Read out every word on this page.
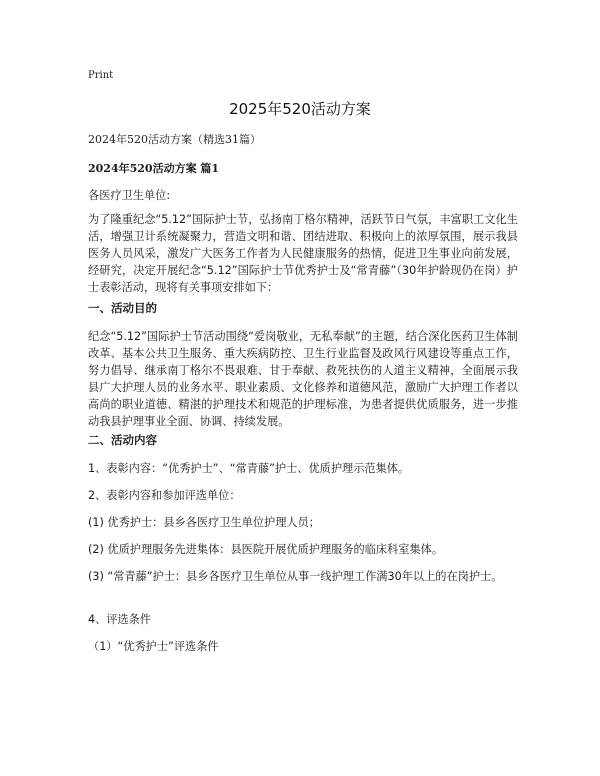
Print

2025年520活动方案

2024年520活动方案（精选31篇）

2024年520活动方案 篇1

各医疗卫生单位:

为了隆重纪念“5.12”国际护士节，弘扬南丁格尔精神，活跃节日气氛，丰富职工文化生活，增强卫计系统凝聚力，营造文明和谐、团结进取、积极向上的浓厚氛围，展示我县医务人员风采，激发广大医务工作者为人民健康服务的热情，促进卫生事业向前发展，经研究，决定开展纪念“5.12”国际护士节优秀护士及“常青藤”（30年护龄现仍在岗）护士表彰活动，现将有关事项安排如下：

一、活动目的

纪念“5.12”国际护士节活动围绕“爱岗敬业，无私奉献”的主题，结合深化医药卫生体制改革、基本公共卫生服务、重大疾病防控、卫生行业监督及政风行风建设等重点工作，努力倡导、继承南丁格尔不畏艰难、甘于奉献、救死扶伤的人道主义精神，全面展示我县广大护理人员的业务水平、职业素质、文化修养和道德风范，激励广大护理工作者以高尚的职业道德、精湛的护理技术和规范的护理标准，为患者提供优质服务，进一步推动我县护理事业全面、协调、持续发展。

二、活动内容

1、表彰内容：“优秀护士”、“常青藤”护士、优质护理示范集体。

2、表彰内容和参加评选单位：

(1) 优秀护士：县乡各医疗卫生单位护理人员；

(2) 优质护理服务先进集体：县医院开展优质护理服务的临床科室集体。

(3) “常青藤”护士：县乡各医疗卫生单位从事一线护理工作满30年以上的在岗护士。

4、评选条件

（1）“优秀护士”评选条件
